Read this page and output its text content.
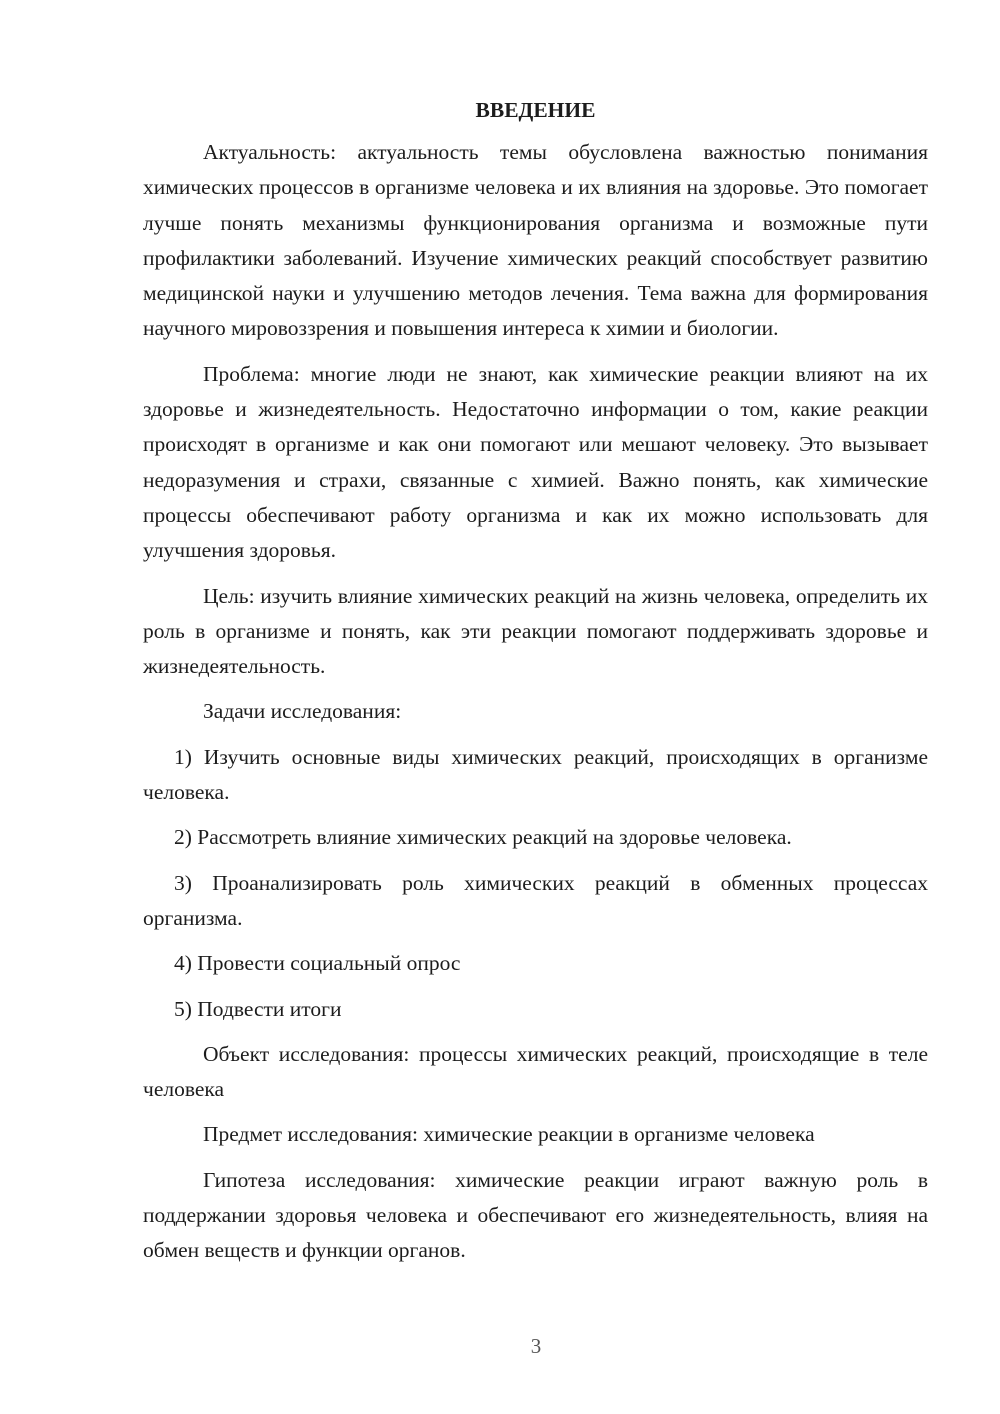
ВВЕДЕНИЕ

Актуальность: актуальность темы обусловлена важностью понимания химических процессов в организме человека и их влияния на здоровье. Это помогает лучше понять механизмы функционирования организма и возможные пути профилактики заболеваний. Изучение химических реакций способствует развитию медицинской науки и улучшению методов лечения. Тема важна для формирования научного мировоззрения и повышения интереса к химии и биологии.

Проблема: многие люди не знают, как химические реакции влияют на их здоровье и жизнедеятельность. Недостаточно информации о том, какие реакции происходят в организме и как они помогают или мешают человеку. Это вызывает недоразумения и страхи, связанные с химией. Важно понять, как химические процессы обеспечивают работу организма и как их можно использовать для улучшения здоровья.

Цель: изучить влияние химических реакций на жизнь человека, определить их роль в организме и понять, как эти реакции помогают поддерживать здоровье и жизнедеятельность.

Задачи исследования:

1) Изучить основные виды химических реакций, происходящих в организме человека.

2) Рассмотреть влияние химических реакций на здоровье человека.

3) Проанализировать роль химических реакций в обменных процессах организма.

4) Провести социальный опрос

5) Подвести итоги

Объект исследования: процессы химических реакций, происходящие в теле человека

Предмет исследования: химические реакции в организме человека

Гипотеза исследования: химические реакции играют важную роль в поддержании здоровья человека и обеспечивают его жизнедеятельность, влияя на обмен веществ и функции органов.

3
